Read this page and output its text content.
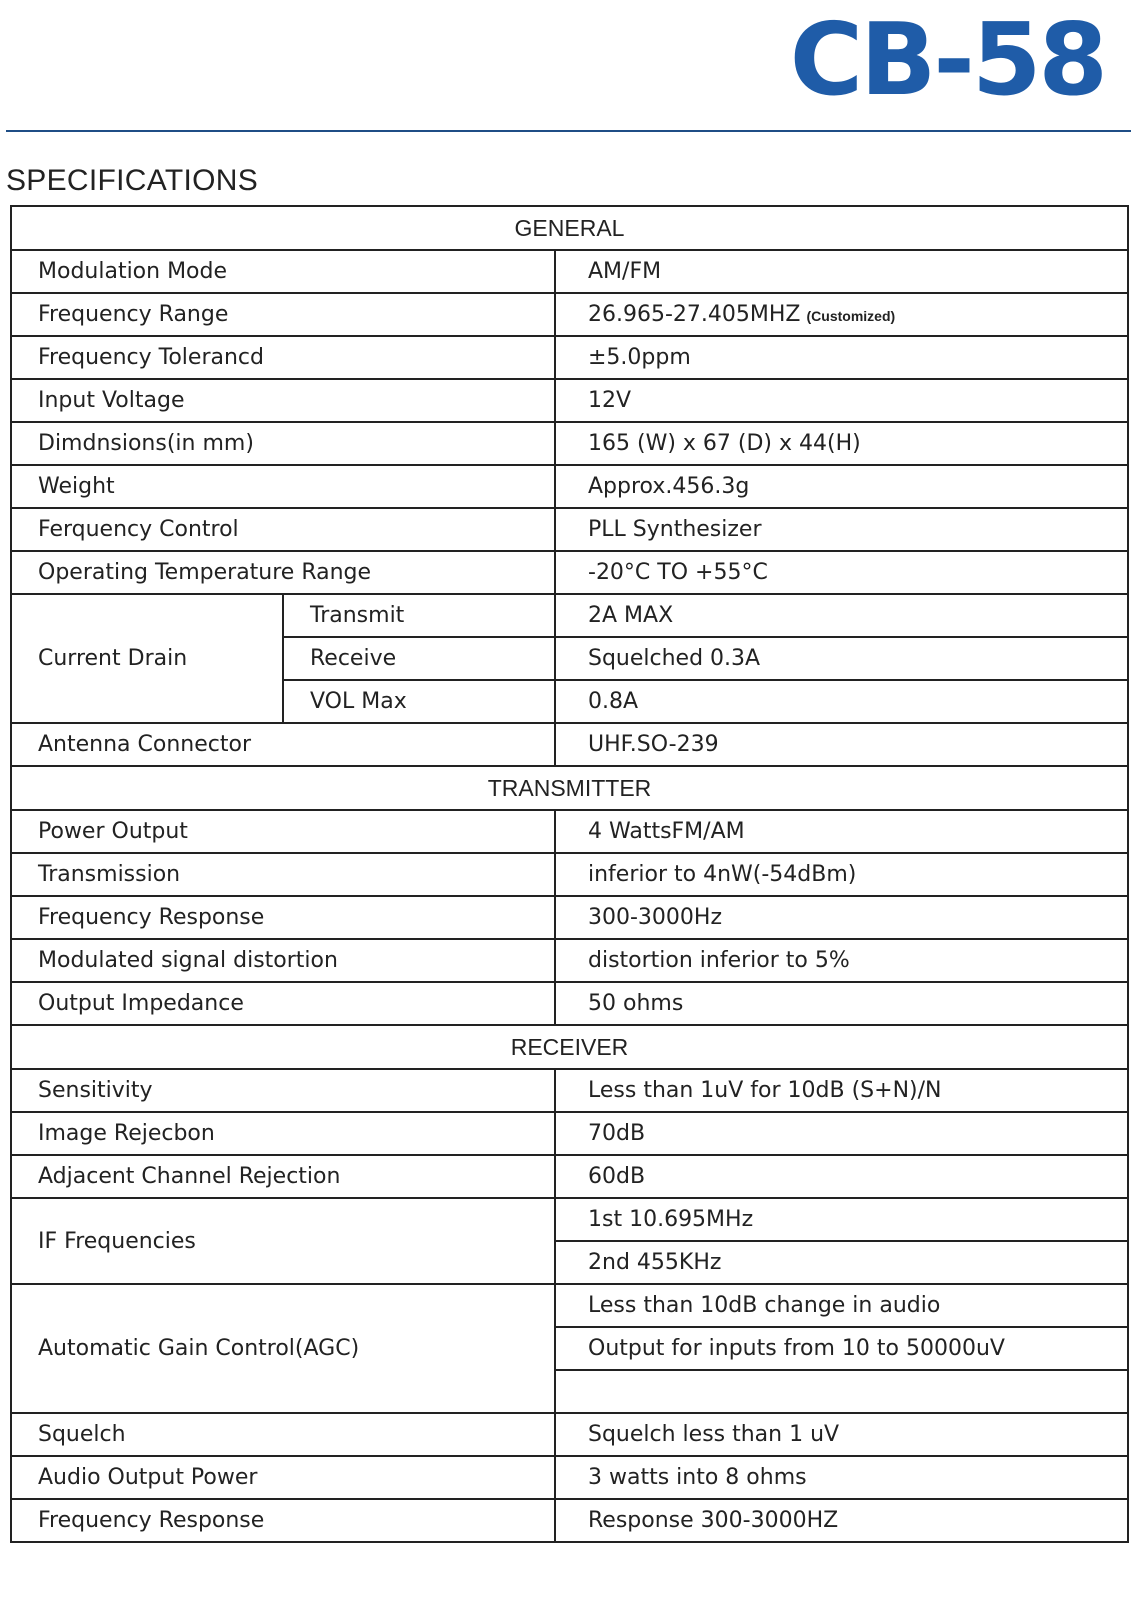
CB-58
SPECIFICATIONS
GENERAL		
Modulation Mode		AM/FM
Frequency Range		26.965-27.405MHZ (Customized)
Frequency Tolerancd		±5.0ppm
Input Voltage		12V
Dimdnsions(in mm)		165 (W) x 67 (D) x 44(H)
Weight		Approx.456.3g
Ferquency Control		PLL Synthesizer
Operating Temperature Range		-20°C TO +55°C
Current Drain	Transmit	2A MAX
	Receive	Squelched 0.3A
	VOL Max	0.8A
Antenna Connector		UHF.SO-239
TRANSMITTER		
Power Output		4 WattsFM/AM
Transmission		inferior to 4nW(-54dBm)
Frequency Response		300-3000Hz
Modulated signal distortion		distortion inferior to 5%
Output Impedance		50 ohms
RECEIVER		
Sensitivity		Less than 1uV for 10dB (S+N)/N
Image Rejecbon		70dB
Adjacent Channel Rejection		60dB
IF Frequencies		1st 10.695MHz
		2nd 455KHz
Automatic Gain Control(AGC)		Less than 10dB change in audio
		Output for inputs from 10 to 50000uV

Squelch		Squelch less than 1 uV
Audio Output Power		3 watts into 8 ohms
Frequency Response		Response 300-3000HZ
